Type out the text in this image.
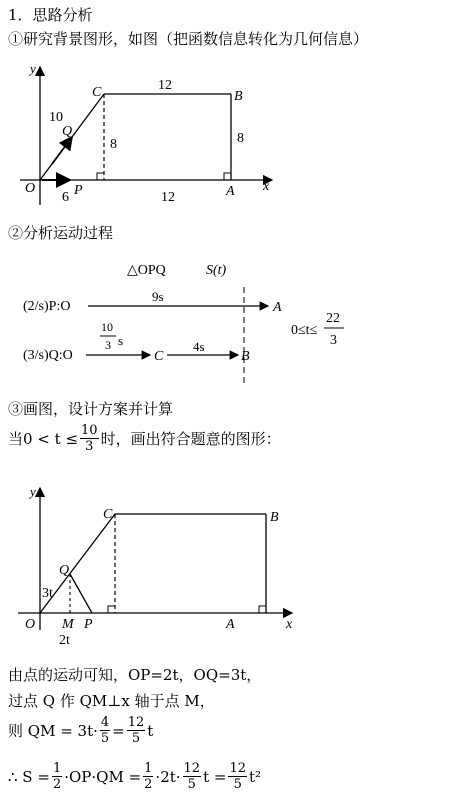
1．思路分析
①研究背景图形，如图（把函数信息转化为几何信息）
y
x
O
C	B
A
P
Q
12
8	8
10
6	12
②分析运动过程
△OPQ	S(t)
(2/s)P:O
9s
A
(3/s)Q:O
10
3 s
C
4s
B
0≤t≤
22
3
③画图，设计方案并计算
当$0 < t \le \frac{10}{3}$ 时，画出符合题意的图形：
y
x
O
C	B
A
Q
M P
3t
2t
由点的运动可知，OP=2t，OQ=3t，
过点 Q 作 QM⊥x 轴于点 M，
则 QM = $3t\cdot \frac{4}{5} = \frac{12}{5}$ t
∴ $S = \frac{1}{2} \cdot OP\cdot QM = \frac{1}{2} \cdot 2t\cdot \frac{12}{5}$ $t = \frac{12}{5} t^2$
